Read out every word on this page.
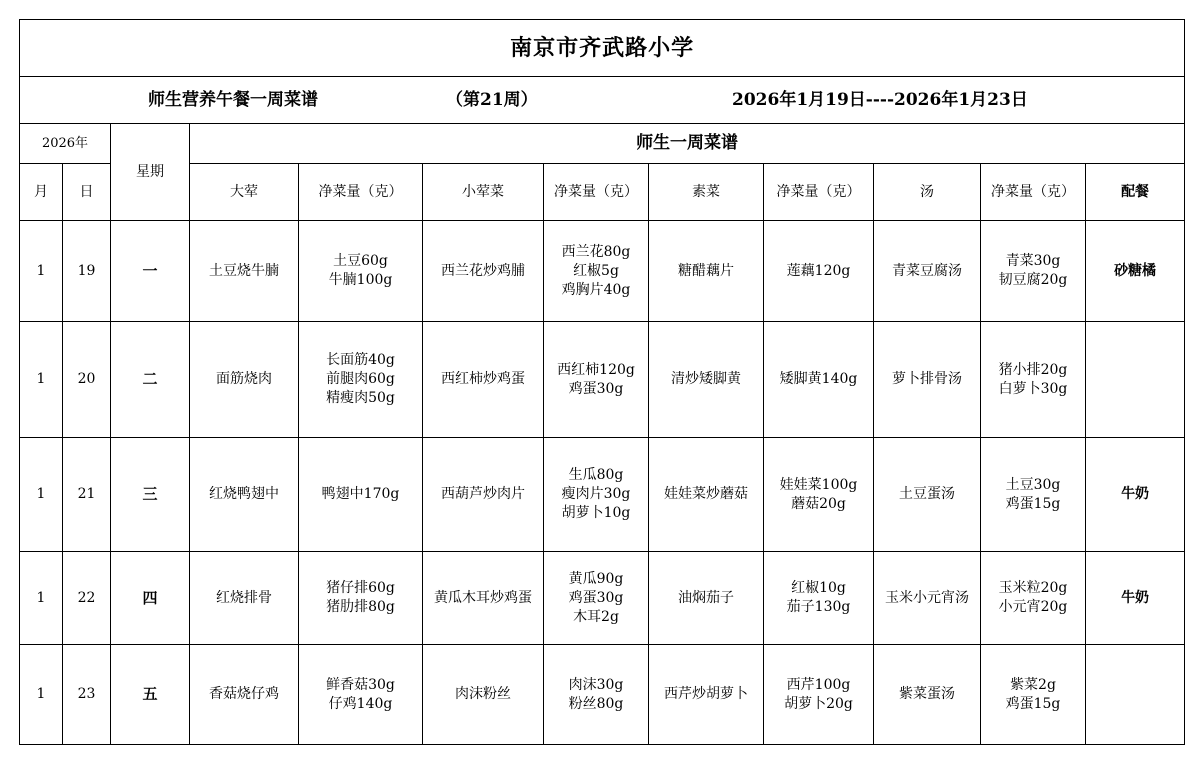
南京市齐武路小学											

师生营养午餐一周菜谱 （第21周） 2026年1月19日----2026年1月23日											

2026年		星期	师生一周菜谱								
月	日		大荤	净菜量（克）	小荤菜	净菜量（克）	素菜	净菜量（克）	汤	净菜量（克）	配餐
1	19	一	土豆烧牛腩	土豆60g
牛腩100g	西兰花炒鸡脯	西兰花80g
红椒5g
鸡胸片40g	糖醋藕片	莲藕120g	青菜豆腐汤	青菜30g
韧豆腐20g	砂糖橘
1	20	二	面筋烧肉	长面筋40g
前腿肉60g
精瘦肉50g	西红柿炒鸡蛋	西红柿120g
鸡蛋30g	清炒矮脚黄	矮脚黄140g	萝卜排骨汤	猪小排20g
白萝卜30g	

1	21	三	红烧鸭翅中	鸭翅中170g	西葫芦炒肉片	生瓜80g
瘦肉片30g
胡萝卜10g	娃娃菜炒蘑菇	娃娃菜100g
蘑菇20g	土豆蛋汤	土豆30g
鸡蛋15g	牛奶
1	22	四	红烧排骨	猪仔排60g
猪肋排80g	黄瓜木耳炒鸡蛋	黄瓜90g
鸡蛋30g
木耳2g	油焖茄子	红椒10g
茄子130g	玉米小元宵汤	玉米粒20g
小元宵20g	牛奶
1	23	五	香菇烧仔鸡	鲜香菇30g
仔鸡140g	肉沫粉丝	肉沫30g
粉丝80g	西芹炒胡萝卜	西芹100g
胡萝卜20g	紫菜蛋汤	紫菜2g
鸡蛋15g	
